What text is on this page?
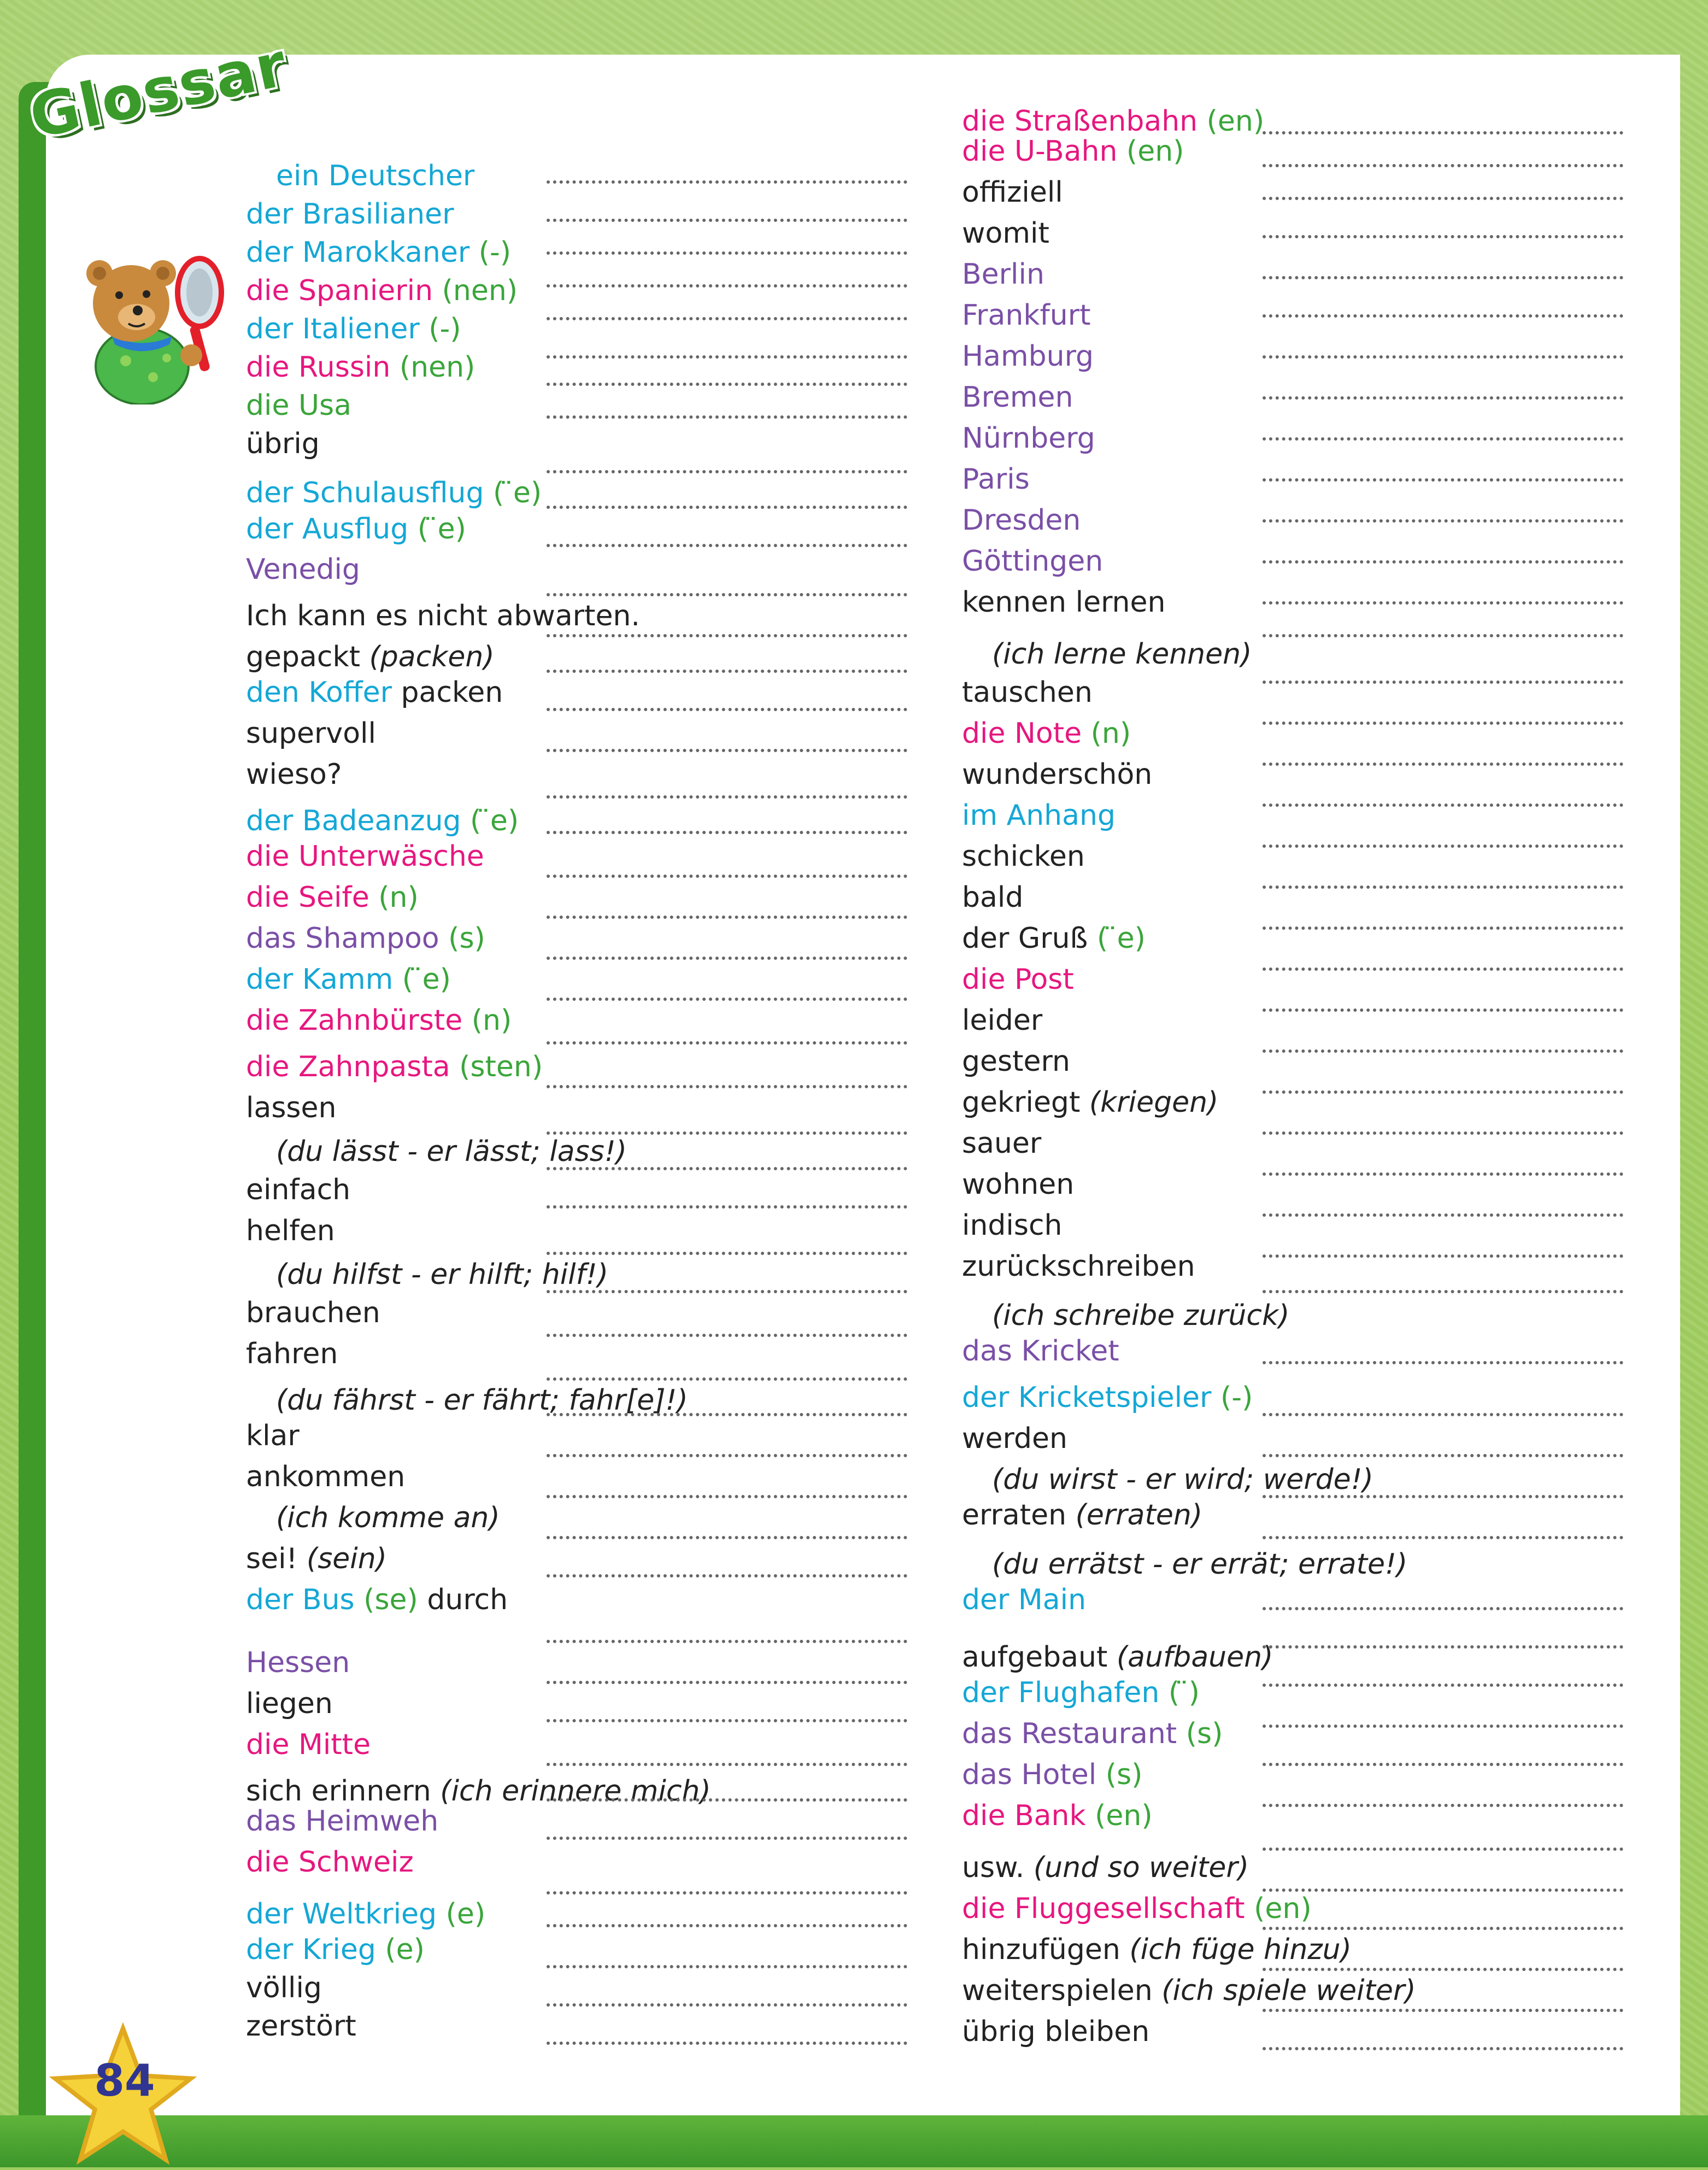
Glossar
84
ein Deutscher
der Brasilianer
der Marokkaner (-)
die Spanierin (nen)
der Italiener (-)
die Russin (nen)
die Usa
übrig
der Schulausflug ( ̈e)
der Ausflug ( ̈e)
Venedig
Ich kann es nicht abwarten.
gepackt (packen)
den Koffer packen
supervoll
wieso?
der Badeanzug ( ̈e)
die Unterwäsche
die Seife (n)
das Shampoo (s)
der Kamm ( ̈e)
die Zahnbürste (n)
die Zahnpasta (sten)
lassen
(du lässt - er lässt; lass!)
einfach
helfen
(du hilfst - er hilft; hilf!)
brauchen
fahren
(du fährst - er fährt; fahr[e]!)
klar
ankommen
(ich komme an)
sei! (sein)
der Bus (se) durch
Hessen
liegen
die Mitte
sich erinnern (ich erinnere mich)
das Heimweh
die Schweiz
der Weltkrieg (e)
der Krieg (e)
völlig
zerstört
die Straßenbahn (en)
die U-Bahn (en)
offiziell
womit
Berlin
Frankfurt
Hamburg
Bremen
Nürnberg
Paris
Dresden
Göttingen
kennen lernen
(ich lerne kennen)
tauschen
die Note (n)
wunderschön
im Anhang
schicken
bald
der Gruß ( ̈e)
die Post
leider
gestern
gekriegt (kriegen)
sauer
wohnen
indisch
zurückschreiben
(ich schreibe zurück)
das Kricket
der Kricketspieler (-)
werden
(du wirst - er wird; werde!)
erraten (erraten)
(du errätst - er errät; errate!)
der Main
aufgebaut (aufbauen)
der Flughafen ( ̈)
das Restaurant (s)
das Hotel (s)
die Bank (en)
usw. (und so weiter)
die Fluggesellschaft (en)
hinzufügen (ich füge hinzu)
weiterspielen (ich spiele weiter)
übrig bleiben
